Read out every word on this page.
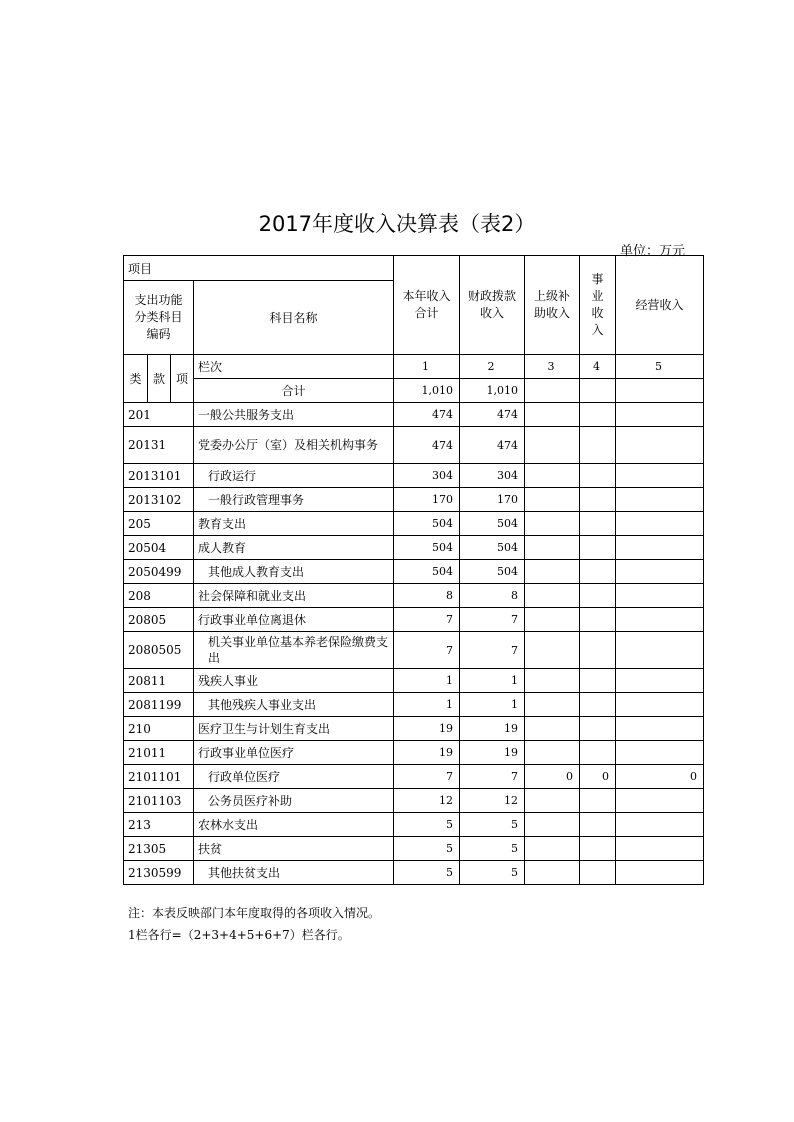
2017年度收入决算表（表2）
单位：万元
项目				本年收入合计	财政拨款收入	上级补助收入	事业收入	经营收入
支出功能分类科目编码			科目名称					
类	款	项	栏次	1	2	3	4	5
			合计	1,010	1,010			
201			一般公共服务支出	474	474			
20131			党委办公厅（室）及相关机构事务	474	474			
2013101			行政运行	304	304			
2013102			一般行政管理事务	170	170			
205			教育支出	504	504			
20504			成人教育	504	504			
2050499			其他成人教育支出	504	504			
208			社会保障和就业支出	8	8			
20805			行政事业单位离退休	7	7			
2080505			机关事业单位基本养老保险缴费支出	7	7			
20811			残疾人事业	1	1			
2081199			其他残疾人事业支出	1	1			
210			医疗卫生与计划生育支出	19	19			
21011			行政事业单位医疗	19	19			
2101101			行政单位医疗	7	7	0	0	0
2101103			公务员医疗补助	12	12			
213			农林水支出	5	5			
21305			扶贫	5	5			
2130599			其他扶贫支出	5	5			
注：本表反映部门本年度取得的各项收入情况。
1栏各行=（2+3+4+5+6+7）栏各行。
